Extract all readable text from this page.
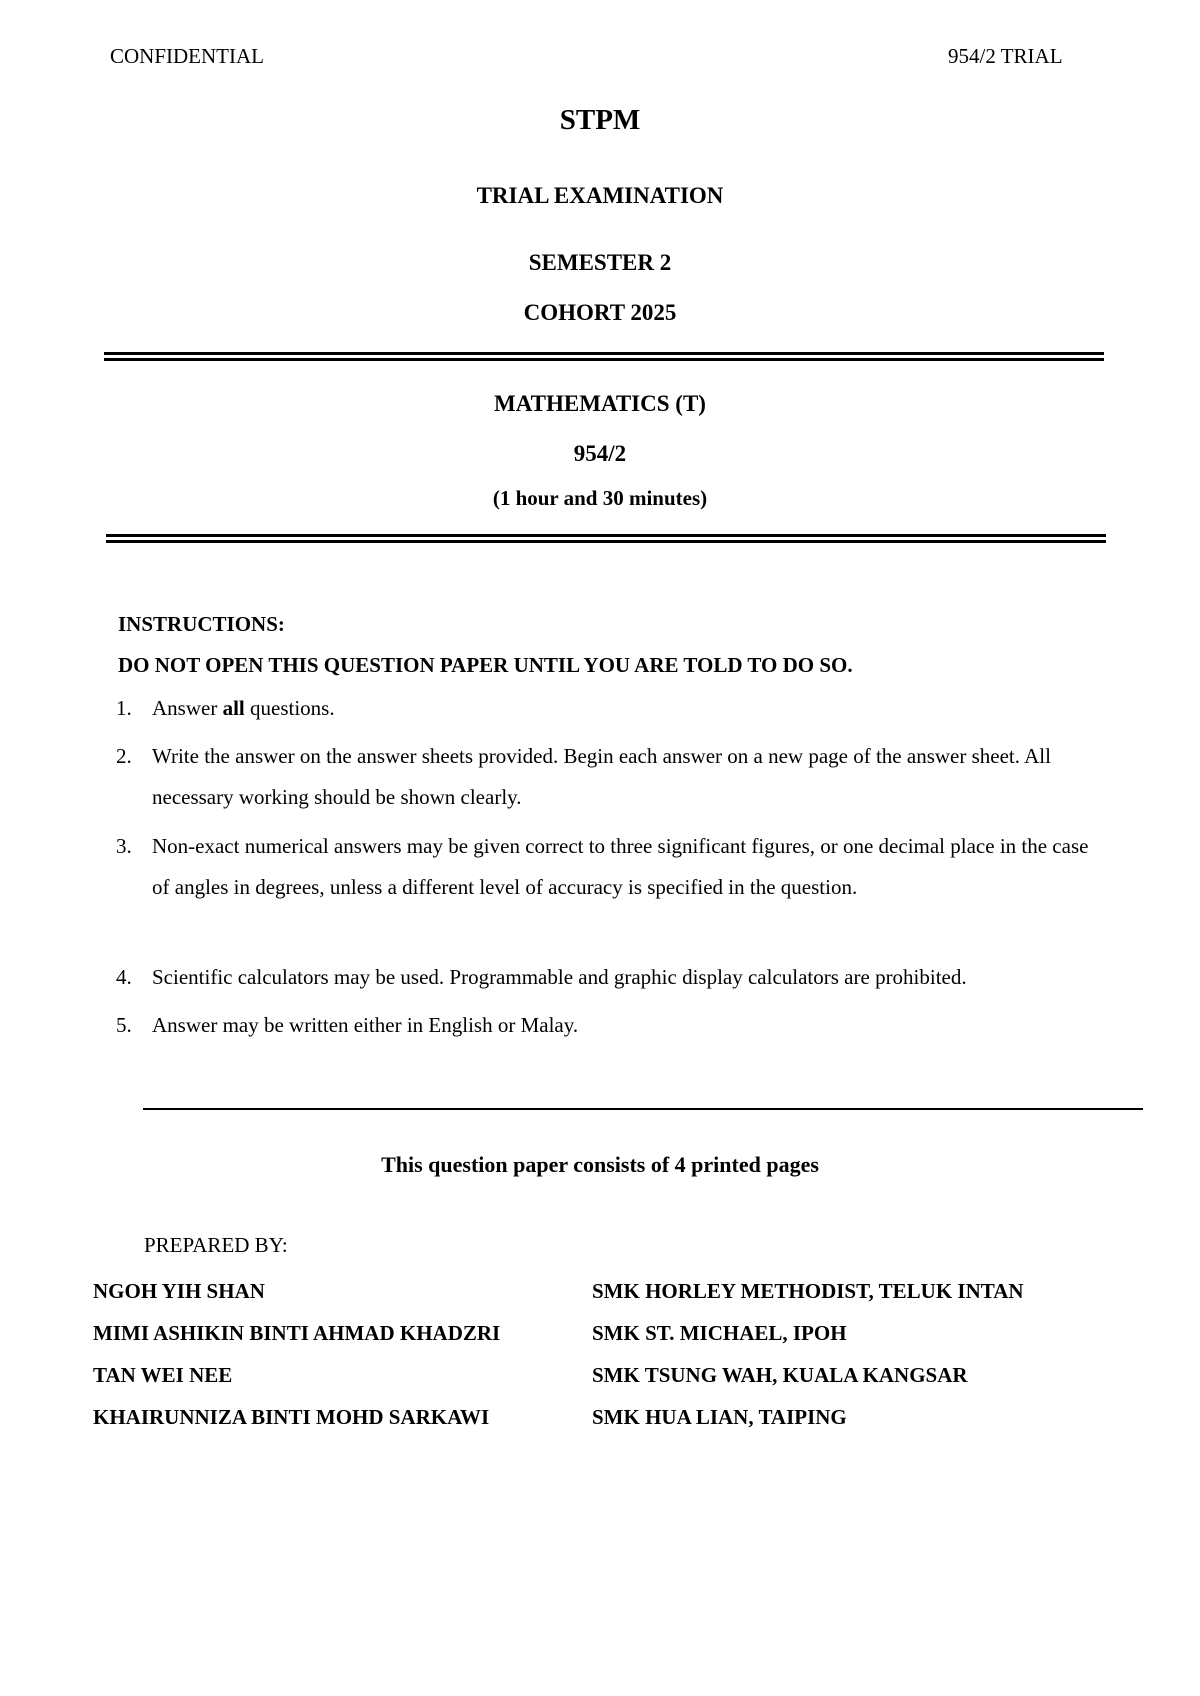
CONFIDENTIAL	954/2 TRIAL
STPM
TRIAL EXAMINATION
SEMESTER 2
COHORT 2025
MATHEMATICS (T)
954/2
(1 hour and 30 minutes)
INSTRUCTIONS:
DO NOT OPEN THIS QUESTION PAPER UNTIL YOU ARE TOLD TO DO SO.
1. Answer all questions.
2. Write the answer on the answer sheets provided. Begin each answer on a new page of the answer sheet. All necessary working should be shown clearly.
3. Non-exact numerical answers may be given correct to three significant figures, or one decimal place in the case of angles in degrees, unless a different level of accuracy is specified in the question.
4. Scientific calculators may be used. Programmable and graphic display calculators are prohibited.
5. Answer may be written either in English or Malay.
This question paper consists of 4 printed pages
PREPARED BY:
NGOH YIH SHAN	SMK HORLEY METHODIST, TELUK INTAN
MIMI ASHIKIN BINTI AHMAD KHADZRI	SMK ST. MICHAEL, IPOH
TAN WEI NEE	SMK TSUNG WAH, KUALA KANGSAR
KHAIRUNNIZA BINTI MOHD SARKAWI	SMK HUA LIAN, TAIPING
